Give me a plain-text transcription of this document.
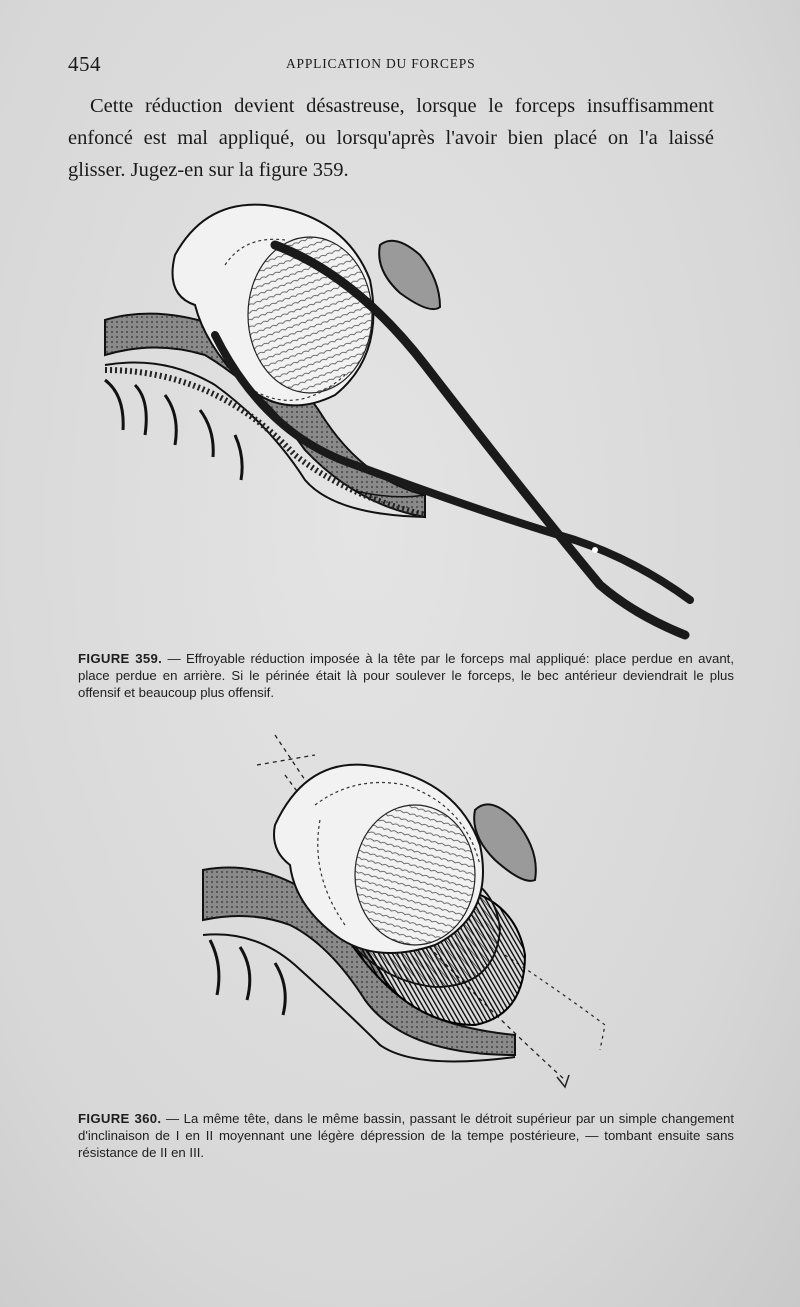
454	APPLICATION DU FORCEPS
Cette réduction devient désastreuse, lorsque le forceps insuffisamment enfoncé est mal appliqué, ou lorsqu'après l'avoir bien placé on l'a laissé glisser. Jugez-en sur la figure 359.
FIGURE 359. — Effroyable réduction imposée à la tête par le forceps mal appliqué: place perdue en avant, place perdue en arrière. Si le périnée était là pour soulever le forceps, le bec antérieur deviendrait le plus offensif et beaucoup plus offensif.
FIGURE 360. — La même tête, dans le même bassin, passant le détroit supérieur par un simple changement d'inclinaison de I en II moyennant une légère dépression de la tempe postérieure, — tombant ensuite sans résistance de II en III.
